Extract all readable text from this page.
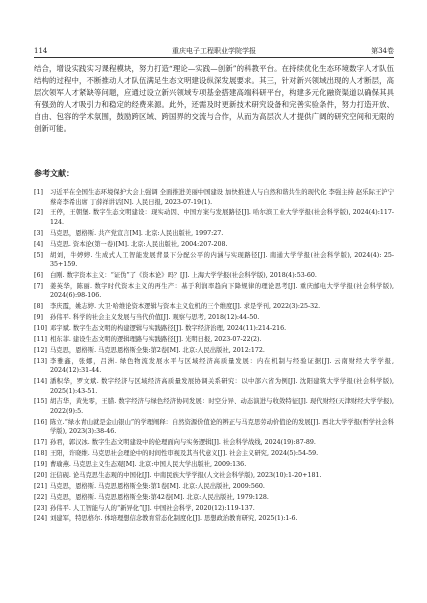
114	重庆电子工程职业学院学报	第34卷

结合，增设实践实习课程模块，努力打造“理论—实践—创新”的科教平台。在持续优化生态环境数字人才队伍结构的过程中，不断推动人才队伍满足生态文明建设纵深发展要求。其三，针对新兴领域出现的人才断层，高层次领军人才紧缺等问题，应通过设立新兴领域专项基金搭建高端科研平台，构建多元化融资渠道以确保其具有强劲的人才吸引力和稳定的经费来源。此外，还需及时更新技术研究设备和完善实验条件，努力打造开放、自由、包容的学术氛围，鼓励跨区域、跨国界的交流与合作，从而为高层次人才提供广阔的研究空间和无限的创新可能。

参考文献：
[1] 习近平在全国生态环境保护大会上强调 全面推进美丽中国建设 加快推进人与自然和谐共生的现代化 李强主持 赵乐际王沪宁蔡奇李希出席 丁薛祥讲话[N]. 人民日报, 2023-07-19(1).
[2] 王停，王朝堡. 数字生态文明建设：现实动因、中国方案与发展路径[J]. 哈尔滨工业大学学报(社会科学版), 2024(4):117-124.
[3] 马克思，恩格斯. 共产党宣言[M]. 北京:人民出版社, 1997:27.
[4] 马克思. 资本论(第一卷)[M]. 北京:人民出版社, 2004:207-208.
[5] 胡刘，牛婷婷. 生成式人工智能发展背景下分配公平的内涵与实现路径[J]. 南通大学学报(社会科学版), 2024(4): 25-35+159.
[6] 白刚. 数字资本主义：“证伪”了《资本论》吗？[J]. 上海大学学报(社会科学版), 2018(4):53-60.
[7] 姜英华，陈丽. 数字时代资本主义的再生产：基于利润率趋向下降规律的理论思考[J]. 重庆邮电大学学报(社会科学版), 2024(6):98-106.
[8] 李庆霞，姚志婷. 大卫·哈维论资本逻辑与资本主义危机的三个维度[J]. 求是学刊, 2022(3):25-32.
[9] 孙伟平. 科学的社会主义发展与当代价值[J]. 观察与思考, 2018(12):44-50.
[10] 邓宇斌. 数字生态文明的构建逻辑与实践路径[J]. 数字经济治理, 2024(11):214-216.
[11] 相东菲. 建设生态文明的逻辑理路与实践路径[J]. 光明日报, 2023-07-22(2).
[12] 马克思，恩格斯. 马克思恩格斯全集:第2卷[M]. 北京:人民出版社, 2012:172.
[13] 李雅鑫，张娜，吕洲. 绿色物流发展水平与区域经济高质量发展：内在机制与经验证据[J]. 云南财经大学学报, 2024(12):31-44.
[14] 潘积华，罗文斌. 数字经济与区域经济高质量发展协调关系研究：以中部六省为例[J]. 沈阳建筑大学学报(社会科学版), 2025(1):43-51.
[15] 胡吉华，黄先零，王腊. 数字经济与绿色经济协同发展：时空分异、动态演进与收敛特征[J]. 现代财经(天津财经大学学报), 2022(9):5.
[16] 陈立.“绿水青山就是金山银山”的学理阐释：自然资源价值论的辨正与马克思劳动价值论的发展[J]. 西北大学学报(哲学社会科学版), 2023(3):38-46.
[17] 孙君，郭汉冰. 数字生态文明建设中的伦理面向与实务逻辑[J]. 社会科学战线, 2024(19):87-89.
[18] 王阳，许晓维. 马克思社会理论中的时间性审视及其当代意义[J]. 社会主义研究, 2024(5):54-59.
[19] 曹瑜燕. 马克思主义生态观[M]. 北京:中国人民大学出版社, 2009:136.
[20] 汪信砚. 论马克思生态观的中国化[J]. 中南民族大学学报(人文社会科学版), 2023(10):1-20+181.
[21] 马克思，恩格斯. 马克思恩格斯全集:第1卷[M]. 北京:人民出版社, 2009:560.
[22] 马克思，恩格斯. 马克思恩格斯全集:第42卷[M]. 北京:人民出版社, 1979:128.
[23] 孙伟平. 人工智能与人的“新异化”[J]. 中国社会科学, 2020(12):119-137.
[24] 刘建军，特思格尔. 体培理想信念教育常态化制度化[J]. 思想政治教育研究, 2025(1):1-6.
